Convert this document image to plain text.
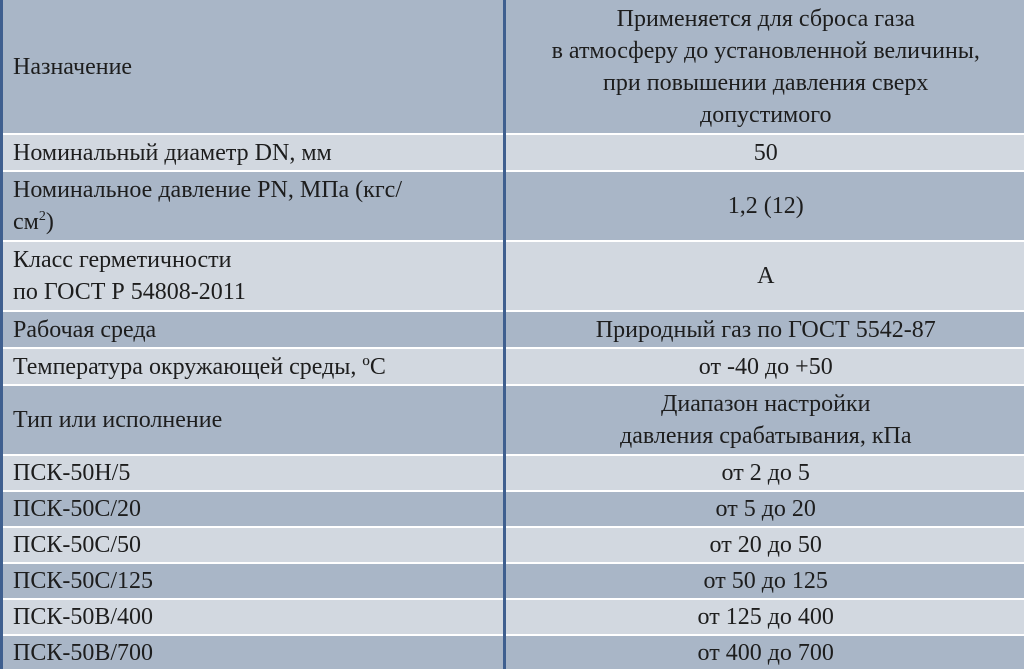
Назначение	Применяется для сброса газа
в атмосферу до установленной величины,
при повышении давления сверх
допустимого

Номинальный диаметр DN, мм	50

Номинальное давление PN, МПа (кгс/
$см^2$)	1,2 (12)

Класс герметичности
по ГОСТ Р 54808-2011	А

Рабочая среда	Природный газ по ГОСТ 5542-87

Температура окружающей среды, ºС	от -40 до +50

Тип или исполнение	Диапазон настройки
давления срабатывания, кПа

ПСК-50Н/5	от 2 до 5

ПСК-50С/20	от 5 до 20

ПСК-50С/50	от 20 до 50

ПСК-50С/125	от 50 до 125

ПСК-50В/400	от 125 до 400

ПСК-50В/700	от 400 до 700
